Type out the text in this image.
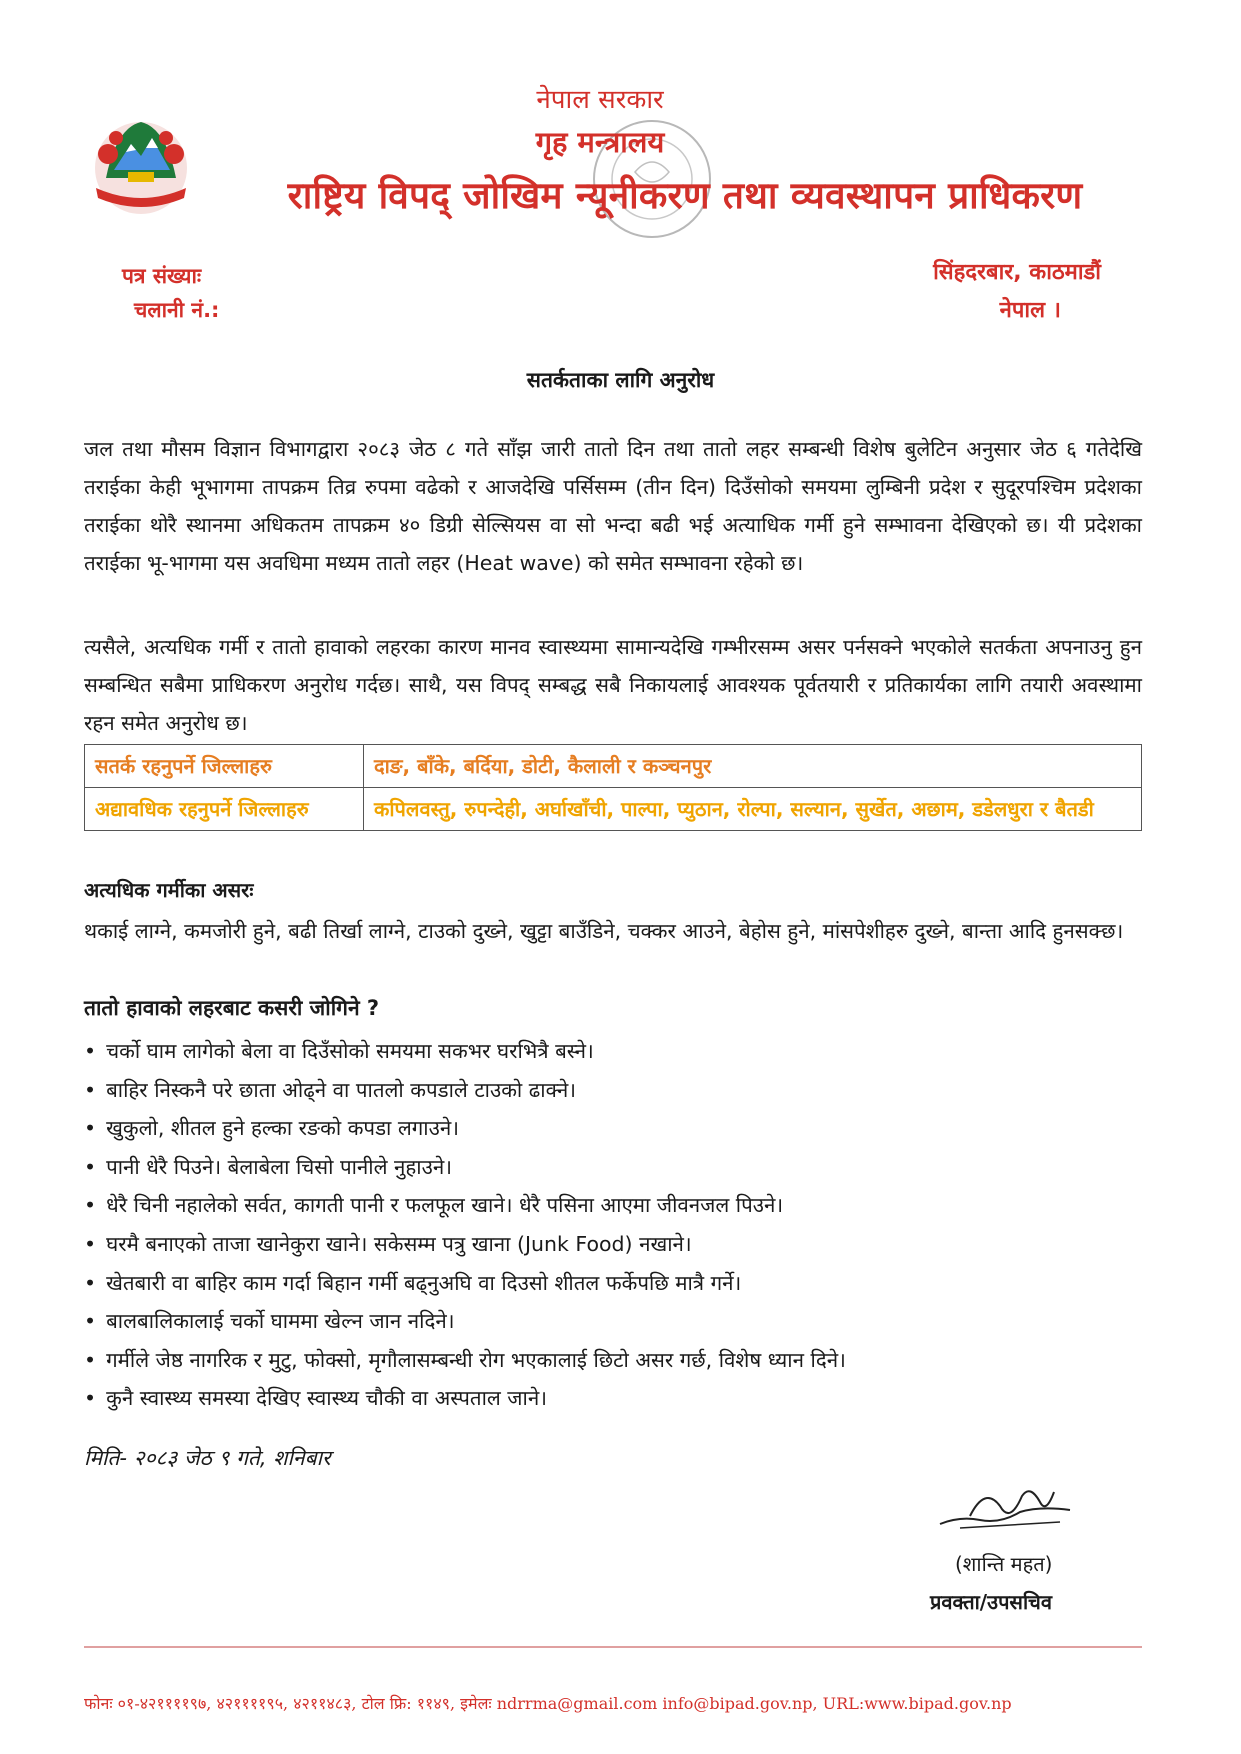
नेपाल सरकार
गृह मन्त्रालय
राष्ट्रिय विपद् जोखिम न्यूनीकरण तथा व्यवस्थापन प्राधिकरण
पत्र संख्याः
चलानी नं.:
सिंहदरबार, काठमाडौं
नेपाल ।
सतर्कताका लागि अनुरोध
जल तथा मौसम विज्ञान विभागद्वारा २०८३ जेठ ८ गते साँझ जारी तातो दिन तथा तातो लहर सम्बन्धी विशेष बुलेटिन अनुसार जेठ ६ गतेदेखि तराईका केही भूभागमा तापक्रम तिव्र रुपमा वढेको र आजदेखि पर्सिसम्म (तीन दिन) दिउँसोको समयमा लुम्बिनी प्रदेश र सुदूरपश्चिम प्रदेशका तराईका थोरै स्थानमा अधिकतम तापक्रम ४० डिग्री सेल्सियस वा सो भन्दा बढी भई अत्याधिक गर्मी हुने सम्भावना देखिएको छ। यी प्रदेशका तराईका भू-भागमा यस अवधिमा मध्यम तातो लहर (Heat wave) को समेत सम्भावना रहेको छ।
त्यसैले, अत्यधिक गर्मी र तातो हावाको लहरका कारण मानव स्वास्थ्यमा सामान्यदेखि गम्भीरसम्म असर पर्नसक्ने भएकोले सतर्कता अपनाउनु हुन सम्बन्धित सबैमा प्राधिकरण अनुरोध गर्दछ। साथै, यस विपद् सम्बद्ध सबै निकायलाई आवश्यक पूर्वतयारी र प्रतिकार्यका लागि तयारी अवस्थामा रहन समेत अनुरोध छ।
सतर्क रहनुपर्ने जिल्लाहरु	दाङ, बाँके, बर्दिया, डोटी, कैलाली र कञ्चनपुर
अद्यावधिक रहनुपर्ने जिल्लाहरु	कपिलवस्तु, रुपन्देही, अर्घाखाँची, पाल्पा, प्युठान, रोल्पा, सल्यान, सुर्खेत, अछाम, डडेलधुरा र बैतडी
अत्यधिक गर्मीका असरः
थकाई लाग्ने, कमजोरी हुने, बढी तिर्खा लाग्ने, टाउको दुख्ने, खुट्टा बाउँडिने, चक्कर आउने, बेहोस हुने, मांसपेशीहरु दुख्ने, बान्ता आदि हुनसक्छ।
तातो हावाको लहरबाट कसरी जोगिने ?
• चर्को घाम लागेको बेला वा दिउँसोको समयमा सकभर घरभित्रै बस्ने।
• बाहिर निस्कनै परे छाता ओढ्ने वा पातलो कपडाले टाउको ढाक्ने।
• खुकुलो, शीतल हुने हल्का रङको कपडा लगाउने।
• पानी धेरै पिउने। बेलाबेला चिसो पानीले नुहाउने।
• धेरै चिनी नहालेको सर्वत, कागती पानी र फलफूल खाने। धेरै पसिना आएमा जीवनजल पिउने।
• घरमै बनाएको ताजा खानेकुरा खाने। सकेसम्म पत्रु खाना (Junk Food) नखाने।
• खेतबारी वा बाहिर काम गर्दा बिहान गर्मी बढ्नुअघि वा दिउसो शीतल फर्केपछि मात्रै गर्ने।
• बालबालिकालाई चर्को घाममा खेल्न जान नदिने।
• गर्मीले जेष्ठ नागरिक र मुटु, फोक्सो, मृगौलासम्बन्धी रोग भएकालाई छिटो असर गर्छ, विशेष ध्यान दिने।
• कुनै स्वास्थ्य समस्या देखिए स्वास्थ्य चौकी वा अस्पताल जाने।
मिति- २०८३ जेठ ९ गते, शनिबार
(शान्ति महत)
प्रवक्ता/उपसचिव
फोनः ०१-४२११११९७, ४२११११९५, ४२११४८३, टोल फ्रि: ११४९, इमेलः ndrrma@gmail.com info@bipad.gov.np, URL:www.bipad.gov.np
